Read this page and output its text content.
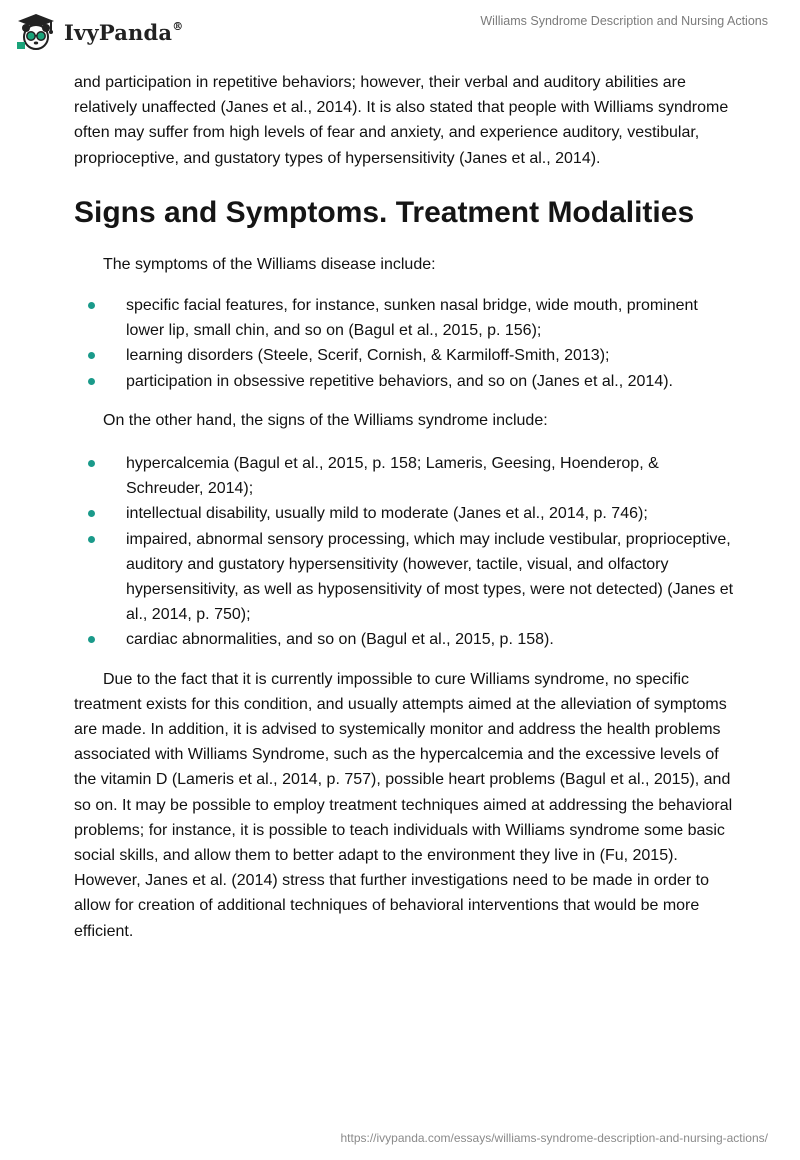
IvyPanda®	Williams Syndrome Description and Nursing Actions

and participation in repetitive behaviors; however, their verbal and auditory abilities are relatively unaffected (Janes et al., 2014). It is also stated that people with Williams syndrome often may suffer from high levels of fear and anxiety, and experience auditory, vestibular, proprioceptive, and gustatory types of hypersensitivity (Janes et al., 2014).

Signs and Symptoms. Treatment Modalities

The symptoms of the Williams disease include:

specific facial features, for instance, sunken nasal bridge, wide mouth, prominent lower lip, small chin, and so on (Bagul et al., 2015, p. 156);
learning disorders (Steele, Scerif, Cornish, & Karmiloff-Smith, 2013);
participation in obsessive repetitive behaviors, and so on (Janes et al., 2014).

On the other hand, the signs of the Williams syndrome include:

hypercalcemia (Bagul et al., 2015, p. 158; Lameris, Geesing, Hoenderop, & Schreuder, 2014);
intellectual disability, usually mild to moderate (Janes et al., 2014, p. 746);
impaired, abnormal sensory processing, which may include vestibular, proprioceptive, auditory and gustatory hypersensitivity (however, tactile, visual, and olfactory hypersensitivity, as well as hyposensitivity of most types, were not detected) (Janes et al., 2014, p. 750);
cardiac abnormalities, and so on (Bagul et al., 2015, p. 158).

Due to the fact that it is currently impossible to cure Williams syndrome, no specific treatment exists for this condition, and usually attempts aimed at the alleviation of symptoms are made. In addition, it is advised to systemically monitor and address the health problems associated with Williams Syndrome, such as the hypercalcemia and the excessive levels of the vitamin D (Lameris et al., 2014, p. 757), possible heart problems (Bagul et al., 2015), and so on. It may be possible to employ treatment techniques aimed at addressing the behavioral problems; for instance, it is possible to teach individuals with Williams syndrome some basic social skills, and allow them to better adapt to the environment they live in (Fu, 2015). However, Janes et al. (2014) stress that further investigations need to be made in order to allow for creation of additional techniques of behavioral interventions that would be more efficient.

https://ivypanda.com/essays/williams-syndrome-description-and-nursing-actions/
